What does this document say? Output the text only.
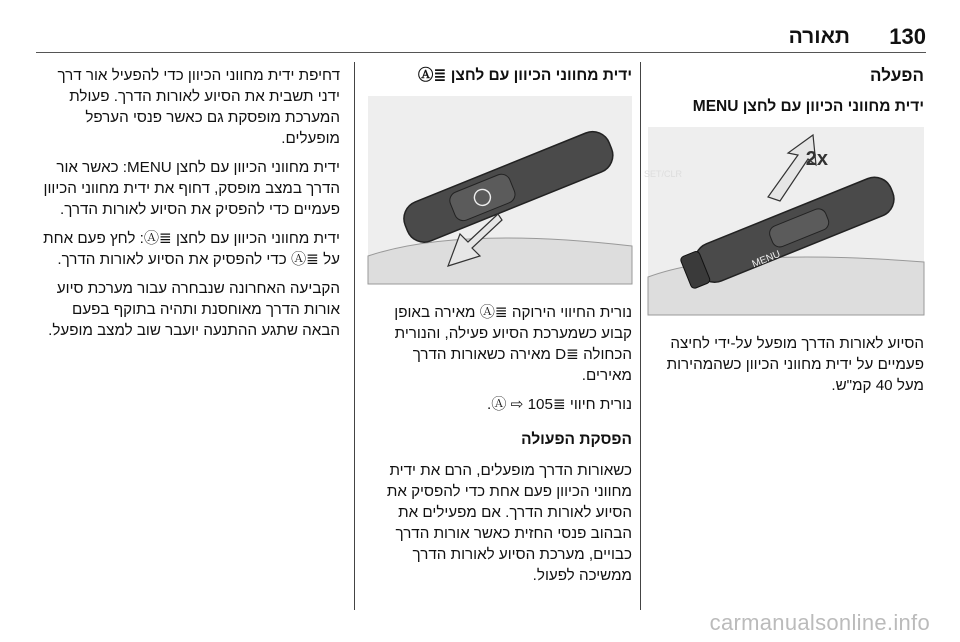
130
תאורה
הפעלה
ידית מחווני הכיוון עם לחצן MENU
SET/CLR
MENU
2x

הסיוע לאורות הדרך מופעל על-ידי לחיצה פעמיים על ידית מחווני הכיוון כשהמהירות מעל 40 קמ"ש.

ידית מחווני הכיוון עם לחצן ≣Ⓐ

נורית החיווי הירוקה ≣Ⓐ מאירה באופן קבוע כשמערכת הסיוע פעילה, והנורית הכחולה ≣D מאירה כשאורות הדרך מאירים.

נורית חיווי ≣Ⓐ ⇨ 105.

הפסקת הפעולה

כשאורות הדרך מופעלים, הרם את ידית מחווני הכיוון פעם אחת כדי להפסיק את הסיוע לאורות הדרך. אם מפעילים את הבהוב פנסי החזית כאשר אורות הדרך כבויים, מערכת הסיוע לאורות הדרך ממשיכה לפעול.

דחיפת ידית מחווני הכיוון כדי להפעיל אור דרך ידני תשבית את הסיוע לאורות הדרך. פעולת המערכת מופסקת גם כאשר פנסי הערפל מופעלים.

ידית מחווני הכיוון עם לחצן MENU: כאשר אור הדרך במצב מופסק, דחוף את ידית מחווני הכיוון פעמיים כדי להפסיק את הסיוע לאורות הדרך.

ידית מחווני הכיוון עם לחצן ≣Ⓐ: לחץ פעם אחת על ≣Ⓐ כדי להפסיק את הסיוע לאורות הדרך.

הקביעה האחרונה שנבחרה עבור מערכת סיוע אורות הדרך מאוחסנת ותהיה בתוקף בפעם הבאה שתגע ההתנעה יועבר שוב למצב מופעל.

carmanualsonline.info
